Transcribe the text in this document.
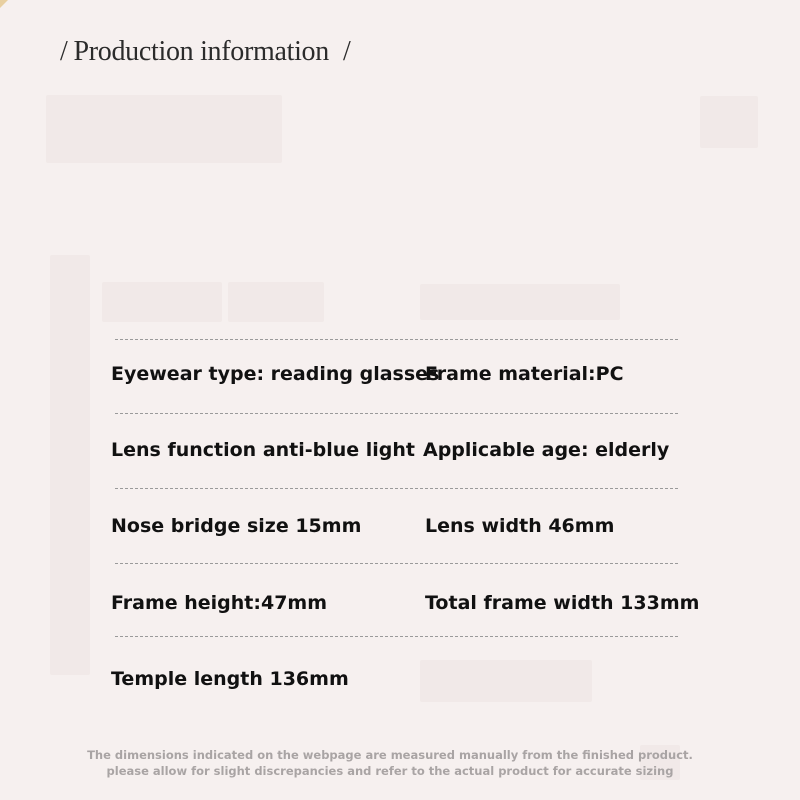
/ Production information /
Eyewear type: reading glasses
Frame material:PC
Lens function anti-blue light Applicable age: elderly
Nose bridge size 15mm	Lens width 46mm
Frame height:47mm	Total frame width 133mm
Temple length 136mm
The dimensions indicated on the webpage are measured manually from the finished product.
please allow for slight discrepancies and refer to the actual product for accurate sizing
